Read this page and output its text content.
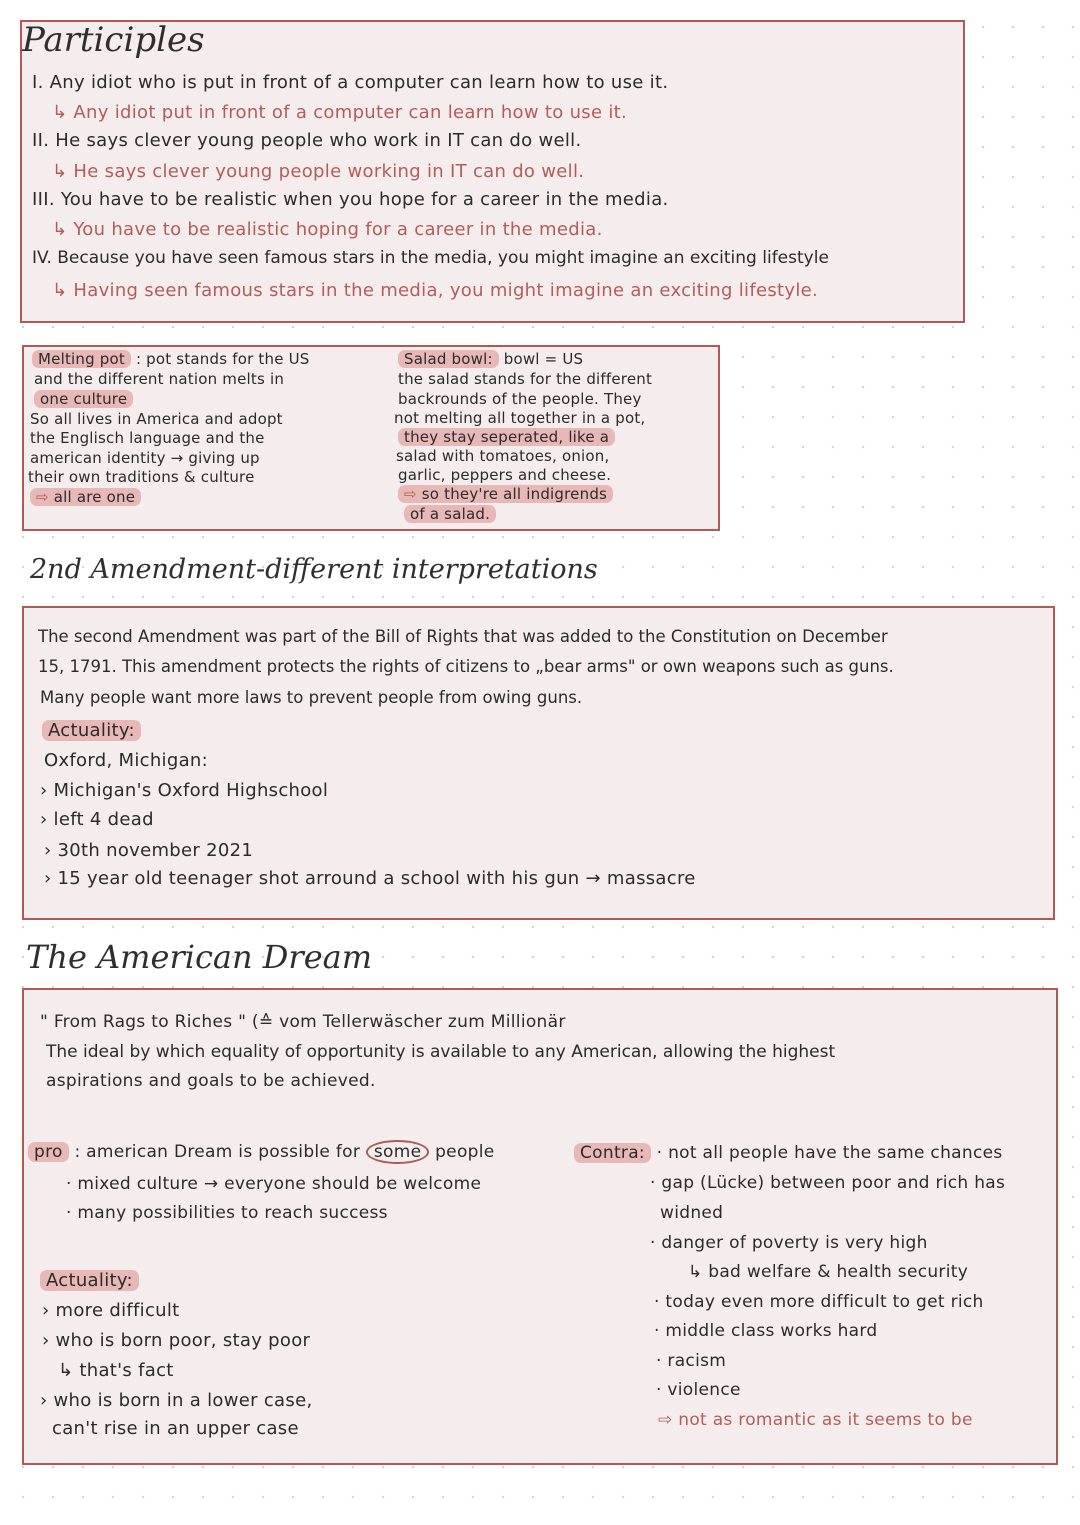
Participles
I. Any idiot who is put in front of a computer can learn how to use it.
↳ Any idiot put in front of a computer can learn how to use it.
II. He says clever young people who work in IT can do well.
↳ He says clever young people working in IT can do well.
III. You have to be realistic when you hope for a career in the media.
↳ You have to be realistic hoping for a career in the media.
IV. Because you have seen famous stars in the media, you might imagine an exciting lifestyle
↳ Having seen famous stars in the media, you might imagine an exciting lifestyle.
Melting pot : pot stands for the US
and the different nation melts in
one culture
So all lives in America and adopt
the Englisch language and the
american identity → giving up
their own traditions & culture
⇨ all are one
Salad bowl: bowl = US
the salad stands for the different
backrounds of the people. They
not melting all together in a pot,
they stay seperated, like a
salad with tomatoes, onion,
garlic, peppers and cheese.
⇨ so they're all indigrends
of a salad.
2nd Amendment-different interpretations
The second Amendment was part of the Bill of Rights that was added to the Constitution on December
15, 1791. This amendment protects the rights of citizens to „bear arms" or own weapons such as guns.
Many people want more laws to prevent people from owing guns.
Actuality:
Oxford, Michigan:
› Michigan's Oxford Highschool
› left 4 dead
› 30th november 2021
› 15 year old teenager shot arround a school with his gun → massacre
The American Dream
" From Rags to Riches " (≙ vom Tellerwäscher zum Millionär
The ideal by which equality of opportunity is available to any American, allowing the highest
aspirations and goals to be achieved.
pro : american Dream is possible for some people
· mixed culture → everyone should be welcome
· many possibilities to reach success
Actuality:
› more difficult
› who is born poor, stay poor
↳ that's fact
› who is born in a lower case,
can't rise in an upper case
Contra: · not all people have the same chances
· gap (Lücke) between poor and rich has
widned
· danger of poverty is very high
↳ bad welfare & health security
· today even more difficult to get rich
· middle class works hard
· racism
· violence
⇨ not as romantic as it seems to be
